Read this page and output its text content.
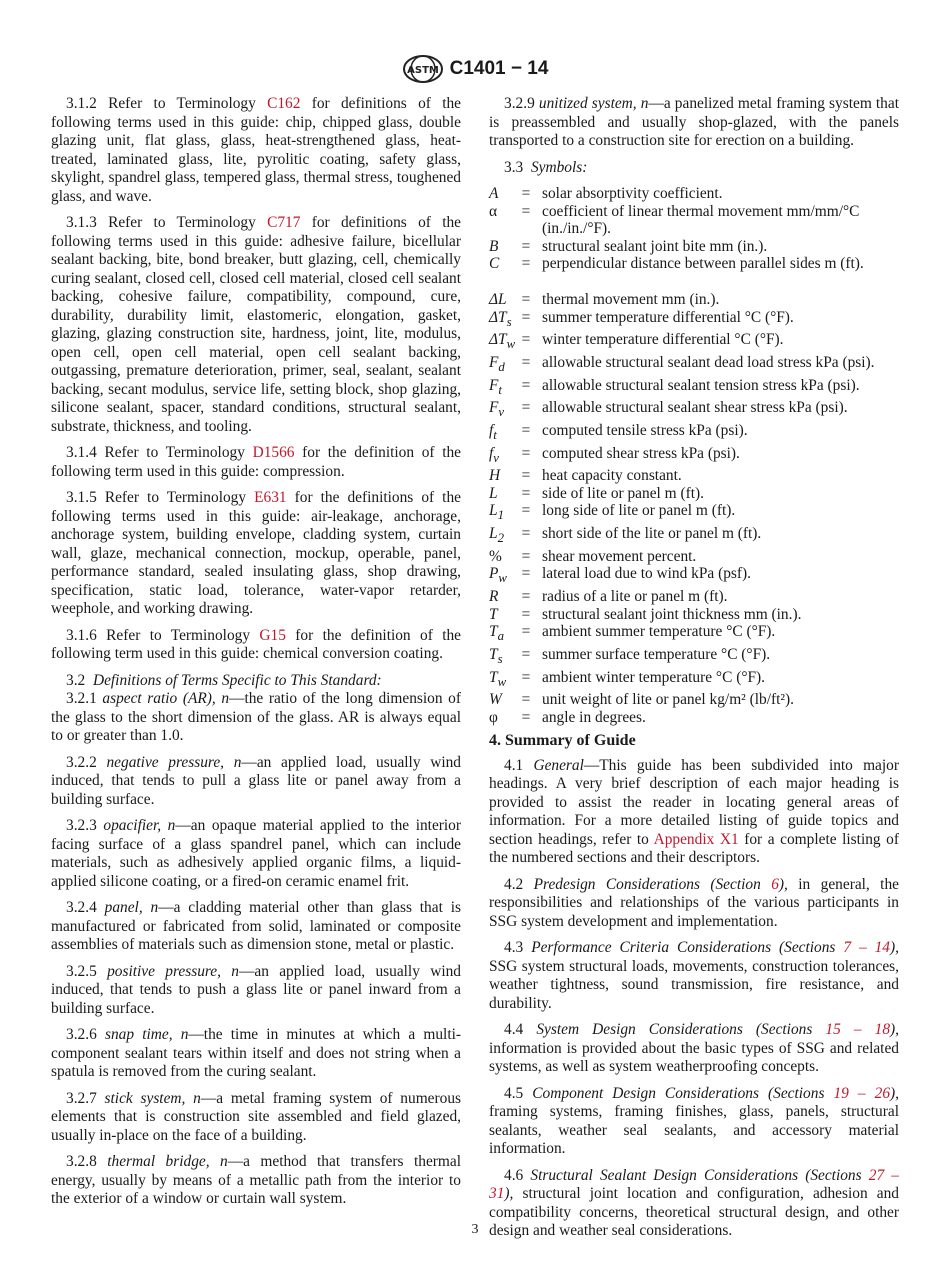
ASTM C1401 − 14

3.1.2 Refer to Terminology C162 for definitions of the following terms used in this guide: chip, chipped glass, double glazing unit, flat glass, glass, heat-strengthened glass, heat-treated, laminated glass, lite, pyrolitic coating, safety glass, skylight, spandrel glass, tempered glass, thermal stress, toughened glass, and wave.

3.1.3 Refer to Terminology C717 for definitions of the following terms used in this guide: adhesive failure, bicellular sealant backing, bite, bond breaker, butt glazing, cell, chemically curing sealant, closed cell, closed cell material, closed cell sealant backing, cohesive failure, compatibility, compound, cure, durability, durability limit, elastomeric, elongation, gasket, glazing, glazing construction site, hardness, joint, lite, modulus, open cell, open cell material, open cell sealant backing, outgassing, premature deterioration, primer, seal, sealant, sealant backing, secant modulus, service life, setting block, shop glazing, silicone sealant, spacer, standard conditions, structural sealant, substrate, thickness, and tooling.

3.1.4 Refer to Terminology D1566 for the definition of the following term used in this guide: compression.

3.1.5 Refer to Terminology E631 for the definitions of the following terms used in this guide: air-leakage, anchorage, anchorage system, building envelope, cladding system, curtain wall, glaze, mechanical connection, mockup, operable, panel, performance standard, sealed insulating glass, shop drawing, specification, static load, tolerance, water-vapor retarder, weephole, and working drawing.

3.1.6 Refer to Terminology G15 for the definition of the following term used in this guide: chemical conversion coating.

3.2 Definitions of Terms Specific to This Standard:

3.2.1 aspect ratio (AR), n—the ratio of the long dimension of the glass to the short dimension of the glass. AR is always equal to or greater than 1.0.

3.2.2 negative pressure, n—an applied load, usually wind induced, that tends to pull a glass lite or panel away from a building surface.

3.2.3 opacifier, n—an opaque material applied to the interior facing surface of a glass spandrel panel, which can include materials, such as adhesively applied organic films, a liquid-applied silicone coating, or a fired-on ceramic enamel frit.

3.2.4 panel, n—a cladding material other than glass that is manufactured or fabricated from solid, laminated or composite assemblies of materials such as dimension stone, metal or plastic.

3.2.5 positive pressure, n—an applied load, usually wind induced, that tends to push a glass lite or panel inward from a building surface.

3.2.6 snap time, n—the time in minutes at which a multi-component sealant tears within itself and does not string when a spatula is removed from the curing sealant.

3.2.7 stick system, n—a metal framing system of numerous elements that is construction site assembled and field glazed, usually in-place on the face of a building.

3.2.8 thermal bridge, n—a method that transfers thermal energy, usually by means of a metallic path from the interior to the exterior of a window or curtain wall system.

3.2.9 unitized system, n—a panelized metal framing system that is preassembled and usually shop-glazed, with the panels transported to a construction site for erection on a building.

3.3 Symbols:

A	=	solar absorptivity coefficient.
α	=	coefficient of linear thermal movement mm/mm/°C (in./in./°F).
B	=	structural sealant joint bite mm (in.).
C	=	perpendicular distance between parallel sides m (ft).

ΔL	=	thermal movement mm (in.).
$\Delta T_s$	=	summer temperature differential °C (°F).
$\Delta T_w$	=	winter temperature differential °C (°F).
$F_d$	=	allowable structural sealant dead load stress kPa (psi).
$F_t$	=	allowable structural sealant tension stress kPa (psi).
$F_v$	=	allowable structural sealant shear stress kPa (psi).
$f_t$	=	computed tensile stress kPa (psi).
$f_v$	=	computed shear stress kPa (psi).
H	=	heat capacity constant.
L	=	side of lite or panel m (ft).
$L_1$	=	long side of lite or panel m (ft).
$L_2$	=	short side of the lite or panel m (ft).
%	=	shear movement percent.
$P_w$	=	lateral load due to wind kPa (psf).
R	=	radius of a lite or panel m (ft).
T	=	structural sealant joint thickness mm (in.).
$T_a$	=	ambient summer temperature °C (°F).
$T_s$	=	summer surface temperature °C (°F).
$T_w$	=	ambient winter temperature °C (°F).
W	=	unit weight of lite or panel kg/m² (lb/ft²).
φ	=	angle in degrees.

4. Summary of Guide

4.1 General—This guide has been subdivided into major headings. A very brief description of each major heading is provided to assist the reader in locating general areas of information. For a more detailed listing of guide topics and section headings, refer to Appendix X1 for a complete listing of the numbered sections and their descriptors.

4.2 Predesign Considerations (Section 6), in general, the responsibilities and relationships of the various participants in SSG system development and implementation.

4.3 Performance Criteria Considerations (Sections 7 – 14), SSG system structural loads, movements, construction tolerances, weather tightness, sound transmission, fire resistance, and durability.

4.4 System Design Considerations (Sections 15 – 18), information is provided about the basic types of SSG and related systems, as well as system weatherproofing concepts.

4.5 Component Design Considerations (Sections 19 – 26), framing systems, framing finishes, glass, panels, structural sealants, weather seal sealants, and accessory material information.

4.6 Structural Sealant Design Considerations (Sections 27 – 31), structural joint location and configuration, adhesion and compatibility concerns, theoretical structural design, and other design and weather seal considerations.

3
